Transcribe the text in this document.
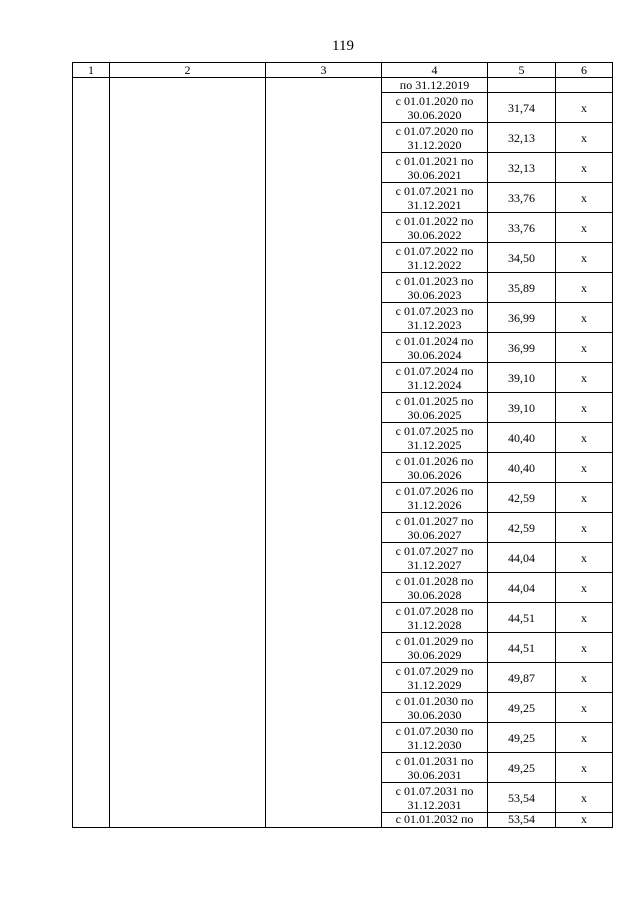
119
1	2	3	4	5	6
			по 31.12.2019		

			с 01.01.2020 по
30.06.2020	31,74	х

			с 01.07.2020 по
31.12.2020	32,13	х

			с 01.01.2021 по
30.06.2021	32,13	х

			с 01.07.2021 по
31.12.2021	33,76	х

			с 01.01.2022 по
30.06.2022	33,76	х

			с 01.07.2022 по
31.12.2022	34,50	х

			с 01.01.2023 по
30.06.2023	35,89	х

			с 01.07.2023 по
31.12.2023	36,99	х

			с 01.01.2024 по
30.06.2024	36,99	х

			с 01.07.2024 по
31.12.2024	39,10	х

			с 01.01.2025 по
30.06.2025	39,10	х

			с 01.07.2025 по
31.12.2025	40,40	х

			с 01.01.2026 по
30.06.2026	40,40	х

			с 01.07.2026 по
31.12.2026	42,59	х

			с 01.01.2027 по
30.06.2027	42,59	х

			с 01.07.2027 по
31.12.2027	44,04	х

			с 01.01.2028 по
30.06.2028	44,04	х

			с 01.07.2028 по
31.12.2028	44,51	х

			с 01.01.2029 по
30.06.2029	44,51	х

			с 01.07.2029 по
31.12.2029	49,87	х

			с 01.01.2030 по
30.06.2030	49,25	х

			с 01.07.2030 по
31.12.2030	49,25	х

			с 01.01.2031 по
30.06.2031	49,25	х

			с 01.07.2031 по
31.12.2031	53,54	х
			с 01.01.2032 по	53,54	х
